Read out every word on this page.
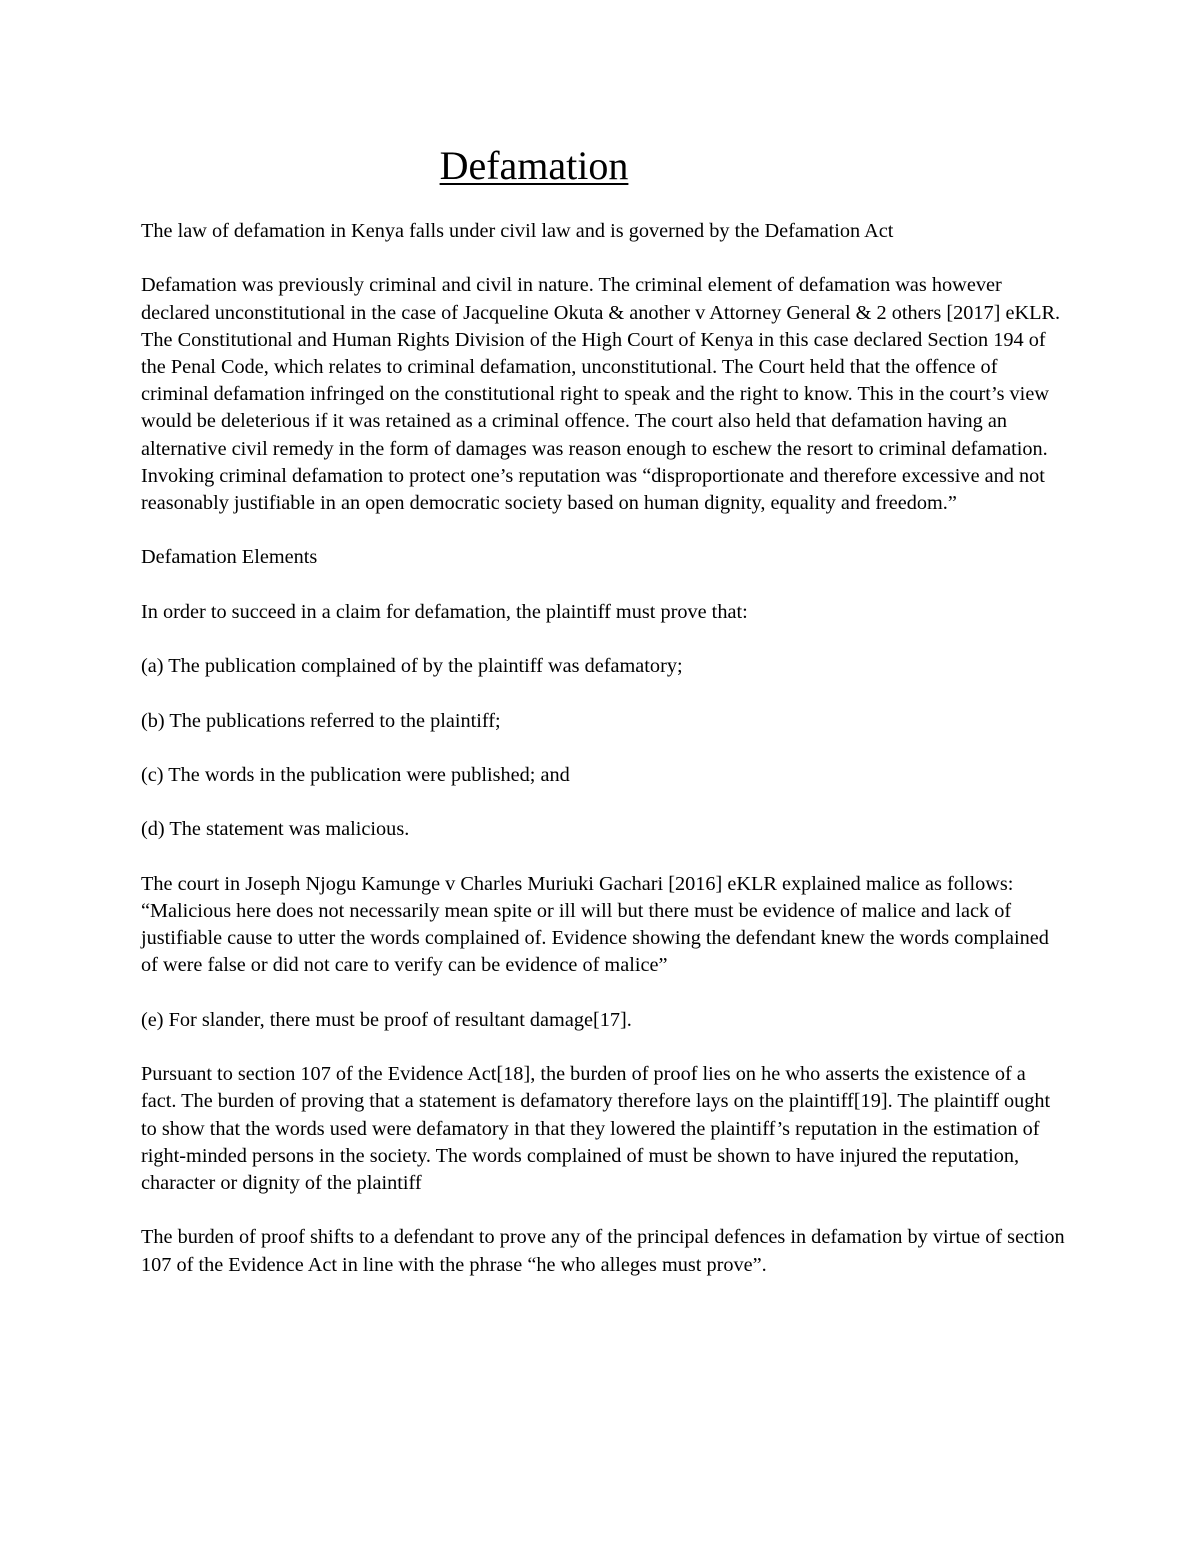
Defamation

The law of defamation in Kenya falls under civil law and is governed by the Defamation Act

Defamation was previously criminal and civil in nature. The criminal element of defamation was however declared unconstitutional in the case of Jacqueline Okuta & another v Attorney General & 2 others [2017] eKLR. The Constitutional and Human Rights Division of the High Court of Kenya in this case declared Section 194 of the Penal Code, which relates to criminal defamation, unconstitutional. The Court held that the offence of criminal defamation infringed on the constitutional right to speak and the right to know. This in the court’s view would be deleterious if it was retained as a criminal offence. The court also held that defamation having an alternative civil remedy in the form of damages was reason enough to eschew the resort to criminal defamation. Invoking criminal defamation to protect one’s reputation was “disproportionate and therefore excessive and not reasonably justifiable in an open democratic society based on human dignity, equality and freedom.”

Defamation Elements

In order to succeed in a claim for defamation, the plaintiff must prove that:

(a) The publication complained of by the plaintiff was defamatory;

(b) The publications referred to the plaintiff;

(c) The words in the publication were published; and

(d) The statement was malicious.

The court in Joseph Njogu Kamunge v Charles Muriuki Gachari [2016] eKLR explained malice as follows: “Malicious here does not necessarily mean spite or ill will but there must be evidence of malice and lack of justifiable cause to utter the words complained of. Evidence showing the defendant knew the words complained of were false or did not care to verify can be evidence of malice”

(e) For slander, there must be proof of resultant damage[17].

Pursuant to section 107 of the Evidence Act[18], the burden of proof lies on he who asserts the existence of a fact. The burden of proving that a statement is defamatory therefore lays on the plaintiff[19]. The plaintiff ought to show that the words used were defamatory in that they lowered the plaintiff’s reputation in the estimation of right-minded persons in the society. The words complained of must be shown to have injured the reputation, character or dignity of the plaintiff

The burden of proof shifts to a defendant to prove any of the principal defences in defamation by virtue of section 107 of the Evidence Act in line with the phrase “he who alleges must prove”.
